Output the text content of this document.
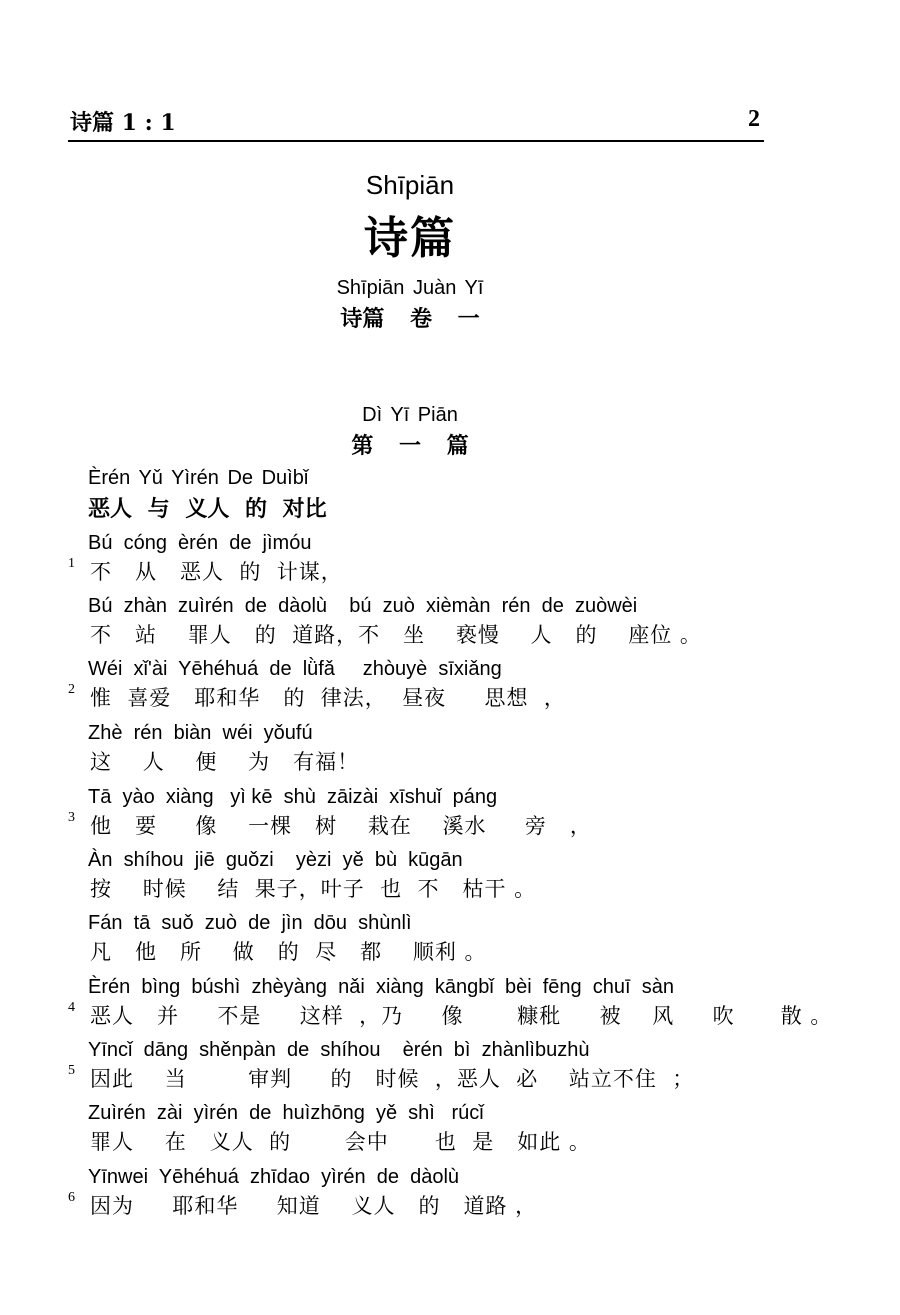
诗篇 1 : 1	2
Shīpiān
诗篇
Shīpiān Juàn Yī
诗篇 卷 一
Dì Yī Piān
第 一 篇
Èrén Yǔ Yìrén De Duìbǐ
恶人 与 义人 的 对比
1
Bú  cóng  èrén  de  jìmóu
不   从   恶人  的  计谋，
Bú  zhàn  zuìrén  de  dàolù    bú  zuò  xièmàn  rén  de  zuòwèi
不   站    罪人   的  道路，不   坐    亵慢    人   的    座位 。
2
Wéi  xǐ'ài  Yēhéhuá  de  lǜfǎ     zhòuyè  sīxiǎng
惟  喜爱   耶和华   的  律法，  昼夜     思想  ，
Zhè  rén  biàn  wéi  yǒufú
这    人    便    为   有福！
3
Tā  yào  xiàng   yì kē  shù  zāizài  xīshuǐ  páng
他   要     像    一棵   树    栽在    溪水     旁   ，
Àn  shíhou  jiē  guǒzi    yèzi  yě  bù  kūgān
按    时候    结  果子，叶子  也  不   枯干 。
Fán  tā  suǒ  zuò  de  jìn  dōu  shùnlì
凡   他   所    做   的  尽   都    顺利 。
4
Èrén  bìng  búshì  zhèyàng  nǎi  xiàng  kāngbǐ  bèi  fēng  chuī  sàn
恶人   并     不是     这样  ，乃     像       糠秕     被    风     吹      散 。
5
Yīncǐ  dāng  shěnpàn  de  shíhou    èrén  bì  zhànlìbuzhù
因此    当        审判     的   时候  ，恶人  必    站立不住  ；
Zuìrén  zài  yìrén  de  huìzhōng  yě  shì   rúcǐ
罪人    在   义人  的       会中      也  是   如此 。
6
Yīnwei  Yēhéhuá  zhīdao  yìrén  de  dàolù
因为     耶和华     知道    义人   的   道路 ，
